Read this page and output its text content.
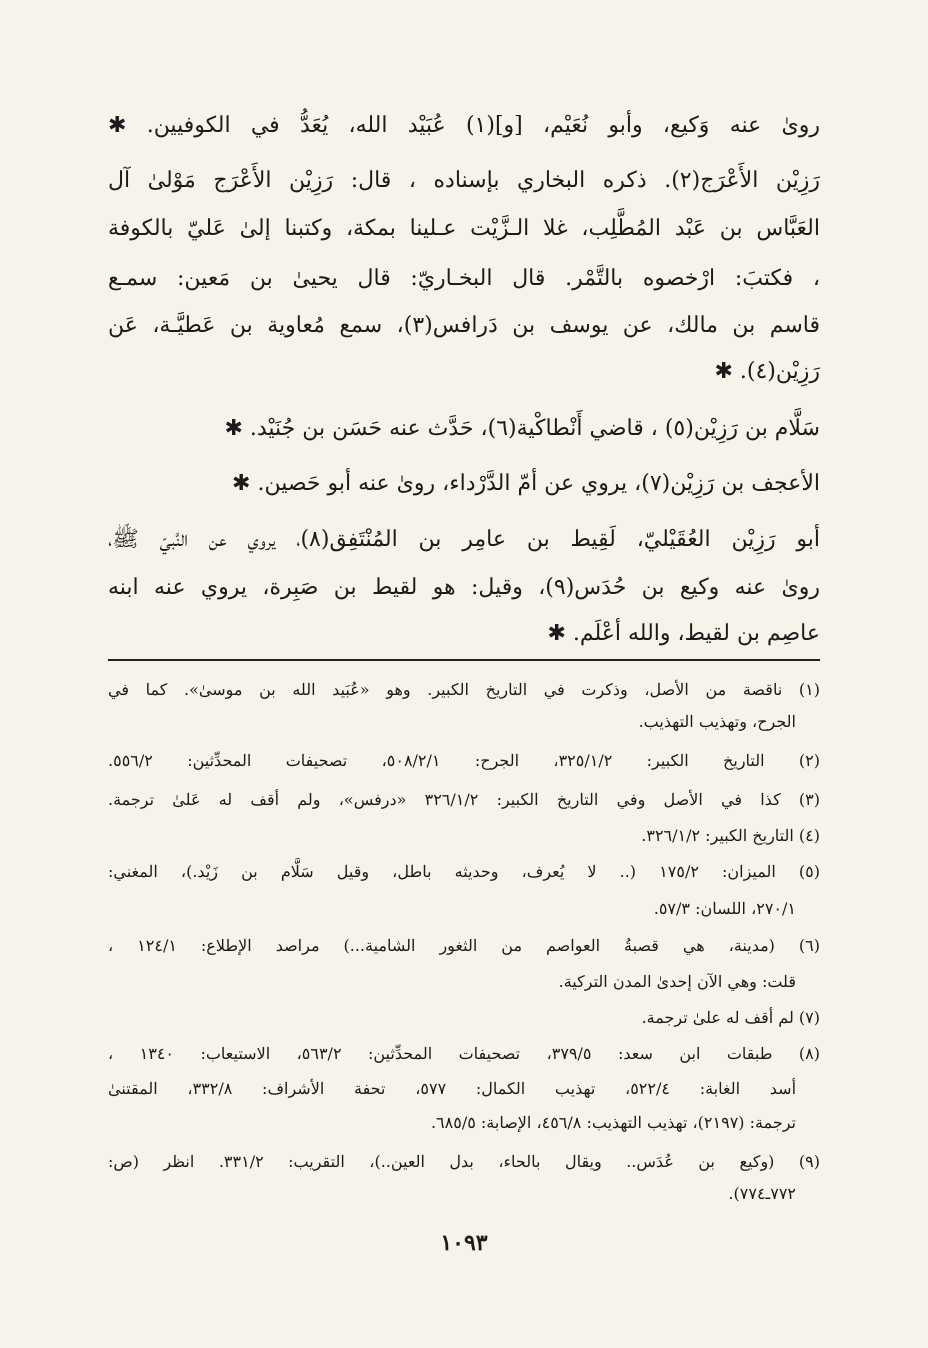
روىٰ عنه وَكيع، وأبو نُعَيْم، [و](١) عُبَيْد الله، يُعَدُّ في الكوفيين. ✱
رَزِيْن الأَعْرَج(٢). ذكره البخاري بإسناده ، قال: رَزِيْن الأَعْرَج مَوْلىٰ آل
العَبَّاس بن عَبْد المُطَّلِب، غلا الـزَّيْت عـلينا بمكة، وكتبنا إلىٰ عَليّ بالكوفة
، فكتبَ: ارْخصوه بالتَّمْر. قال البخـاريّ: قال يحيىٰ بن مَعين: سمـع
قاسم بن مالك، عن يوسف بن دَرافس(٣)، سمع مُعاوية بن عَطيَّـة، عَن
رَزِيْن(٤). ✱
سَلَّام بن رَزِيْن(٥) ، قاضي أَنْطاكْية(٦)، حَدَّث عنه حَسَن بن جُنَيْد. ✱
الأعجف بن رَزِيْن(٧)، يروي عن أمّ الدَّرْداء، روىٰ عنه أبو حَصين. ✱
أبو رَزِيْن العُقَيْليّ، لَقِيط بن عامِر بن المُنْتَفِق(٨)، يروي عن النَّبيّ ﷺ،
روىٰ عنه وكيع بن حُدَس(٩)، وقيل: هو لقيط بن صَبِرة، يروي عنه ابنه
عاصِم بن لقيط، والله أعْلَم. ✱
(١) ناقصة من الأصل، وذكرت في التاريخ الكبير. وهو «عُبَيد الله بن موسىٰ». كما في
الجرح، وتهذيب التهذيب.
(٢) التاريخ الكبير: ٣٢٥/١/٢، الجرح: ٥٠٨/٢/١، تصحيفات المحدِّثين: ٥٥٦/٢.
(٣) كذا في الأصل وفي التاريخ الكبير: ٣٢٦/١/٢ «درفس»، ولم أقف له عَلىٰ ترجمة.
(٤) التاريخ الكبير: ٣٢٦/١/٢.
(٥) الميزان: ١٧٥/٢ (.. لا يُعرف، وحديثه باطل، وقيل سَلَّام بن زَيْد.)، المغني:
٢٧٠/١، اللسان: ٥٧/٣.
(٦) (مدينة، هي قصبةُ العواصم من الثغور الشامية...) مراصد الإطلاع: ١٢٤/١ ،
قلت: وهي الآن إحدىٰ المدن التركية.
(٧) لم أقف له علىٰ ترجمة.
(٨) طبقات ابن سعد: ٣٧٩/٥، تصحيفات المحدِّثين: ٥٦٣/٢، الاستيعاب: ١٣٤٠ ،
أسد الغابة: ٥٢٢/٤، تهذيب الكمال: ٥٧٧، تحفة الأشراف: ٣٣٢/٨، المقتنىٰ
ترجمة: (٢١٩٧)، تهذيب التهذيب: ٤٥٦/٨، الإصابة: ٦٨٥/٥.
(٩) (وكيع بن عُدَس.. ويقال بالحاء، بدل العين..)، التقريب: ٣٣١/٢. انظر (ص:
٧٧٢ـ٧٧٤).
١٠٩٣
